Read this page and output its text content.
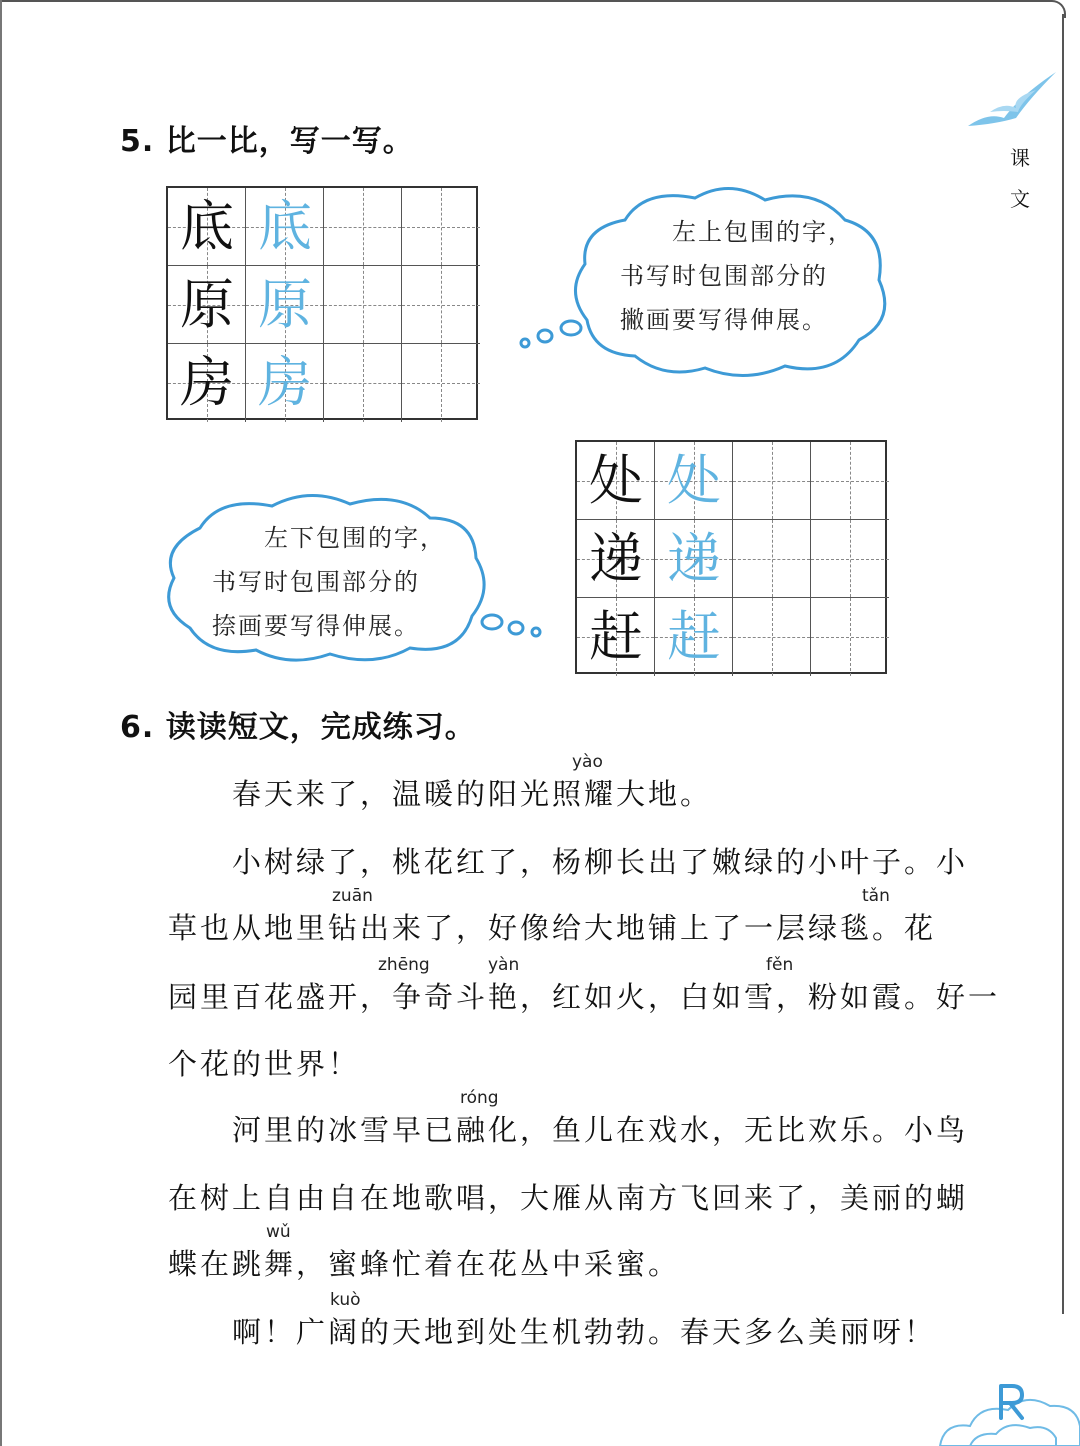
课
文
5. 比一比，写一写。
底 底
原 原
房 房
左上包围的字，
书写时包围部分的
撇画要写得伸展。
处 处
递 递
赶 赶
左下包围的字，
书写时包围部分的
捺画要写得伸展。
6. 读读短文，完成练习。
yào
春天来了，温暖的阳光照耀大地。
小树绿了，桃花红了，杨柳长出了嫩绿的小叶子。小
zuān	tǎn
草也从地里钻出来了，好像给大地铺上了一层绿毯。花
zhēng	yàn	fěn
园里百花盛开，争奇斗艳，红如火，白如雪，粉如霞。好一
个花的世界！
róng
河里的冰雪早已融化，鱼儿在戏水，无比欢乐。小鸟
在树上自由自在地歌唱，大雁从南方飞回来了，美丽的蝴
wǔ
蝶在跳舞，蜜蜂忙着在花丛中采蜜。
kuò
啊！广阔的天地到处生机勃勃。春天多么美丽呀！
